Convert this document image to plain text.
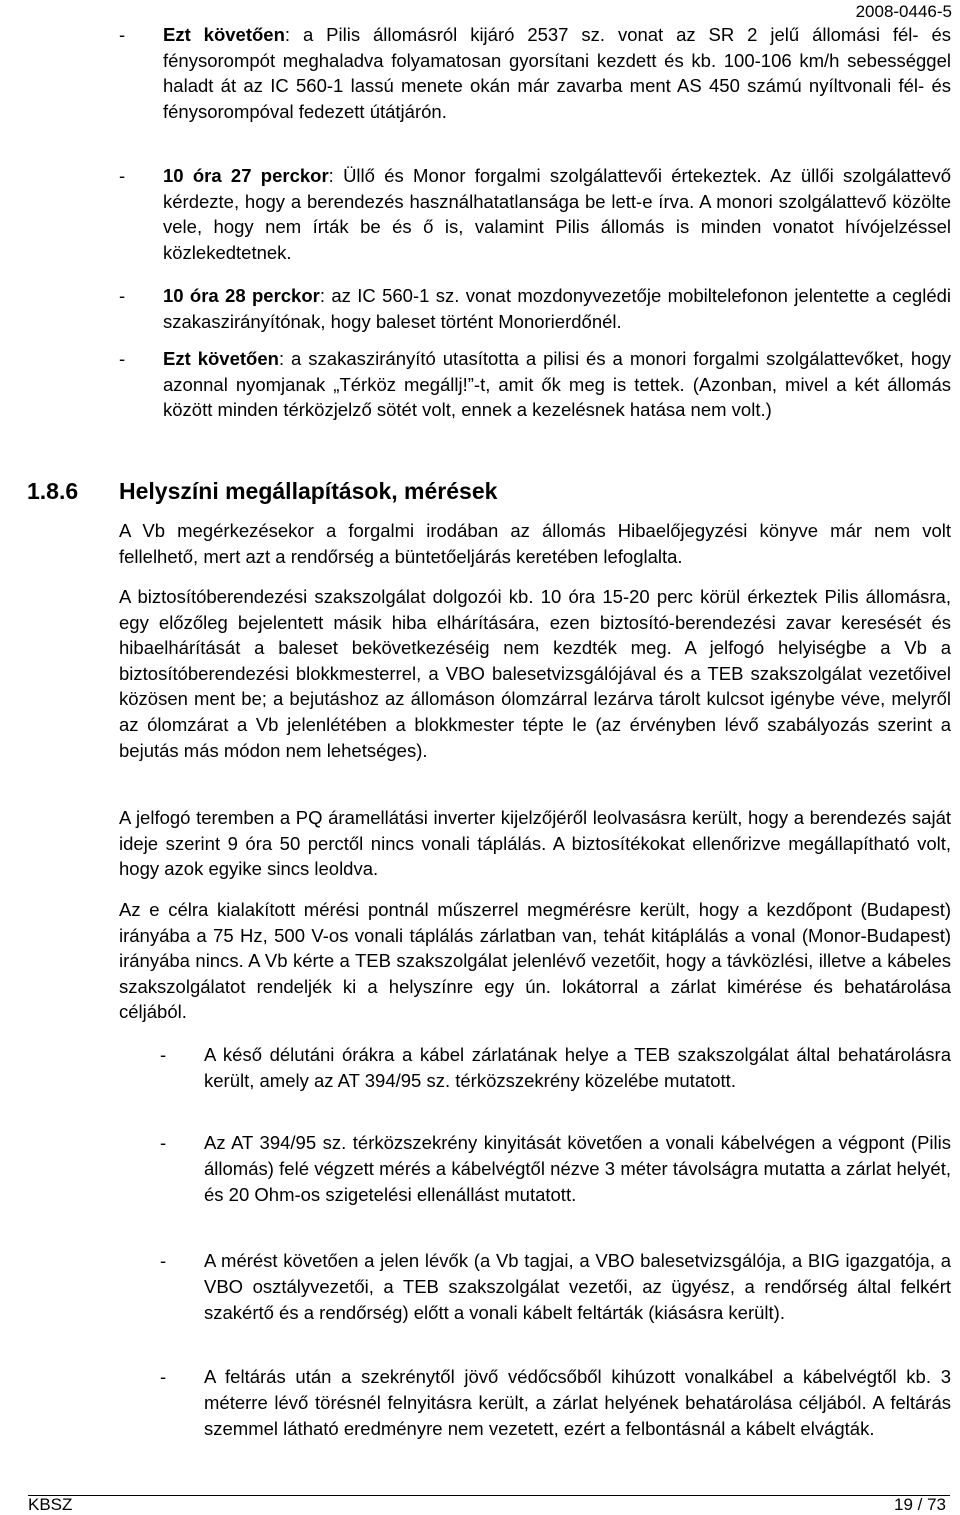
2008-0446-5
- Ezt követően: a Pilis állomásról kijáró 2537 sz. vonat az SR 2 jelű állomási fél- és fénysorompót meghaladva folyamatosan gyorsítani kezdett és kb. 100-106 km/h sebességgel haladt át az IC 560-1 lassú menete okán már zavarba ment AS 450 számú nyíltvonali fél- és fénysorompóval fedezett útátjárón.
- 10 óra 27 perckor: Üllő és Monor forgalmi szolgálattevői értekeztek. Az üllői szolgálattevő kérdezte, hogy a berendezés használhatatlansága be lett-e írva. A monori szolgálattevő közölte vele, hogy nem írták be és ő is, valamint Pilis állomás is minden vonatot hívójelzéssel közlekedtetnek.
- 10 óra 28 perckor: az IC 560-1 sz. vonat mozdonyvezetője mobiltelefonon jelentette a ceglédi szakaszirányítónak, hogy baleset történt Monorierdőnél.
- Ezt követően: a szakaszirányító utasította a pilisi és a monori forgalmi szolgálattevőket, hogy azonnal nyomjanak „Térköz megállj!”-t, amit ők meg is tettek. (Azonban, mivel a két állomás között minden térközjelző sötét volt, ennek a kezelésnek hatása nem volt.)
1.8.6 Helyszíni megállapítások, mérések
A Vb megérkezésekor a forgalmi irodában az állomás Hibaelőjegyzési könyve már nem volt fellelhető, mert azt a rendőrség a büntetőeljárás keretében lefoglalta.
A biztosítóberendezési szakszolgálat dolgozói kb. 10 óra 15-20 perc körül érkeztek Pilis állomásra, egy előzőleg bejelentett másik hiba elhárítására, ezen biztosító-berendezési zavar keresését és hibaelhárítását a baleset bekövetkezéséig nem kezdték meg. A jelfogó helyiségbe a Vb a biztosítóberendezési blokkmesterrel, a VBO balesetvizsgálójával és a TEB szakszolgálat vezetőivel közösen ment be; a bejutáshoz az állomáson ólomzárral lezárva tárolt kulcsot igénybe véve, melyről az ólomzárat a Vb jelenlétében a blokkmester tépte le (az érvényben lévő szabályozás szerint a bejutás más módon nem lehetséges).
A jelfogó teremben a PQ áramellátási inverter kijelzőjéről leolvasásra került, hogy a berendezés saját ideje szerint 9 óra 50 perctől nincs vonali táplálás. A biztosítékokat ellenőrizve megállapítható volt, hogy azok egyike sincs leoldva.
Az e célra kialakított mérési pontnál műszerrel megmérésre került, hogy a kezdőpont (Budapest) irányába a 75 Hz, 500 V-os vonali táplálás zárlatban van, tehát kitáplálás a vonal (Monor-Budapest) irányába nincs. A Vb kérte a TEB szakszolgálat jelenlévő vezetőit, hogy a távközlési, illetve a kábeles szakszolgálatot rendeljék ki a helyszínre egy ún. lokátorral a zárlat kimérése és behatárolása céljából.
- A késő délutáni órákra a kábel zárlatának helye a TEB szakszolgálat által behatárolásra került, amely az AT 394/95 sz. térközszekrény közelébe mutatott.
- Az AT 394/95 sz. térközszekrény kinyitását követően a vonali kábelvégen a végpont (Pilis állomás) felé végzett mérés a kábelvégtől nézve 3 méter távolságra mutatta a zárlat helyét, és 20 Ohm-os szigetelési ellenállást mutatott.
- A mérést követően a jelen lévők (a Vb tagjai, a VBO balesetvizsgálója, a BIG igazgatója, a VBO osztályvezetői, a TEB szakszolgálat vezetői, az ügyész, a rendőrség által felkért szakértő és a rendőrség) előtt a vonali kábelt feltárták (kiásásra került).
- A feltárás után a szekrénytől jövő védőcsőből kihúzott vonalkábel a kábelvégtől kb. 3 méterre lévő törésnél felnyitásra került, a zárlat helyének behatárolása céljából. A feltárás szemmel látható eredményre nem vezetett, ezért a felbontásnál a kábelt elvágták.
KBSZ	19 / 73
